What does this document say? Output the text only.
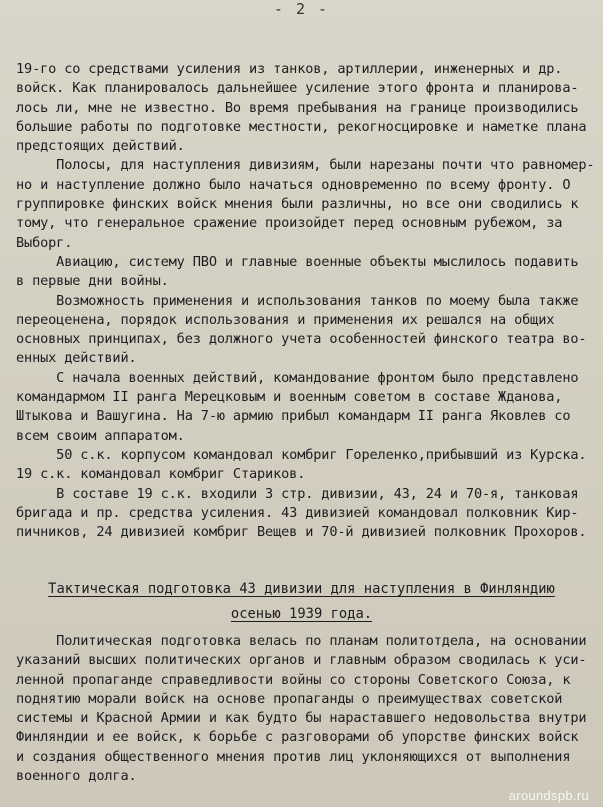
- 2 -
19-го со средствами усиления из танков, артиллерии, инженерных и др.
войск. Как планировалось дальнейшее усиление этого фронта и планирова-
лось ли, мне не известно. Во время пребывания на границе производились
большие работы по подготовке местности, рекогносцировке и наметке плана
предстоящих действий.
Полосы, для наступления дивизиям, были нарезаны почти что равномер-
но и наступление должно было начаться одновременно по всему фронту. О
группировке финских войск мнения были различны, но все они сводились к
тому, что генеральное сражение произойдет перед основным рубежом, за
Выборг.
Авиацию, систему ПВО и главные военные объекты мыслилось подавить
в первые дни войны.
Возможность применения и использования танков по моему была также
переоценена, порядок использования и применения их решался на общих
основных принципах, без должного учета особенностей финского театра во-
енных действий.
С начала военных действий, командование фронтом было представлено
командармом II ранга Мерецковым и военным советом в составе Жданова,
Штыкова и Вашугина. На 7-ю армию прибыл командарм II ранга Яковлев со
всем своим аппаратом.
50 с.к. корпусом командовал комбриг Гореленко,прибывший из Курска.
19 с.к. командовал комбриг Стариков.
В составе 19 с.к. входили 3 стр. дивизии, 43, 24 и 70-я, танковая
бригада и пр. средства усиления. 43 дивизией командовал полковник Кир-
пичников, 24 дивизией комбриг Вещев и 70-й дивизией полковник Прохоров.
Тактическая подготовка 43 дивизии для наступления в Финляндию
осенью 1939 года.
Политическая подготовка велась по планам политотдела, на основании
указаний высших политических органов и главным образом сводилась к уси-
ленной пропаганде справедливости войны со стороны Советского Союза, к
поднятию морали войск на основе пропаганды о преимуществах советской
системы и Красной Армии и как будто бы нараставшего недовольства внутри
Финляндии и ее войск, к борьбе с разговорами об упорстве финских войск
и создания общественного мнения против лиц уклоняющихся от выполнения
военного долга.
aroundspb.ru
